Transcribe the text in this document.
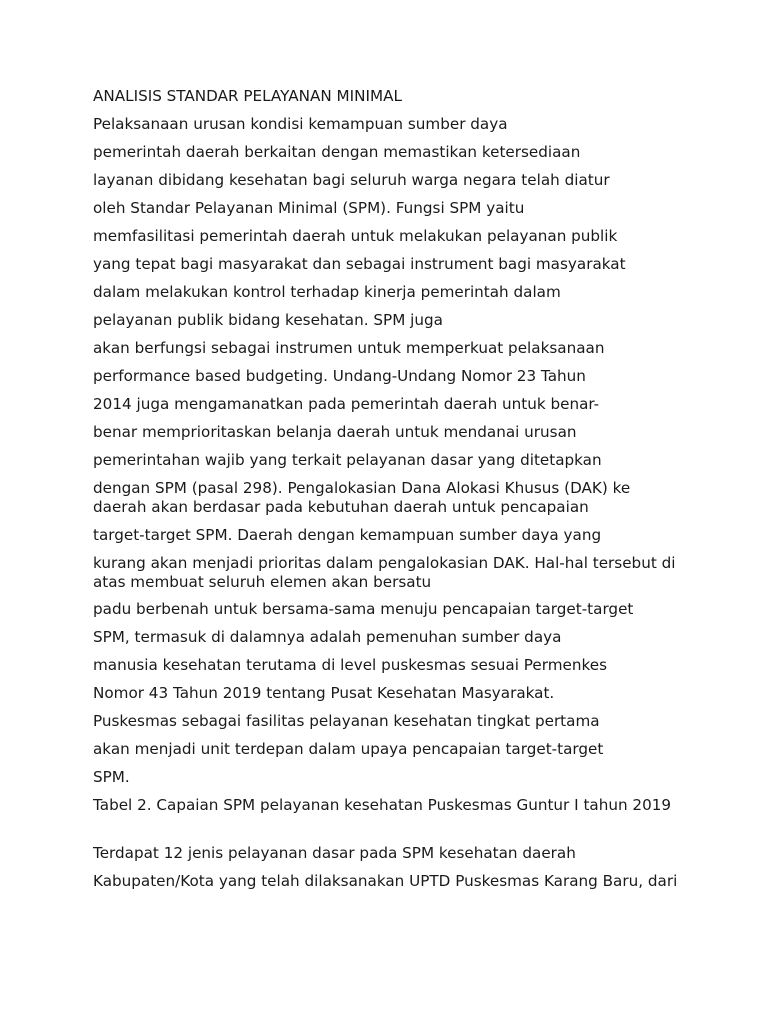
ANALISIS STANDAR PELAYANAN MINIMAL
Pelaksanaan urusan kondisi kemampuan sumber daya
pemerintah daerah berkaitan dengan memastikan ketersediaan
layanan dibidang kesehatan bagi seluruh warga negara telah diatur
oleh Standar Pelayanan Minimal (SPM). Fungsi SPM yaitu
memfasilitasi pemerintah daerah untuk melakukan pelayanan publik
yang tepat bagi masyarakat dan sebagai instrument bagi masyarakat
dalam melakukan kontrol terhadap kinerja pemerintah dalam
pelayanan publik bidang kesehatan. SPM juga
akan berfungsi sebagai instrumen untuk memperkuat pelaksanaan
performance based budgeting. Undang-Undang Nomor 23 Tahun
2014 juga mengamanatkan pada pemerintah daerah untuk benar-
benar memprioritaskan belanja daerah untuk mendanai urusan
pemerintahan wajib yang terkait pelayanan dasar yang ditetapkan
dengan SPM (pasal 298). Pengalokasian Dana Alokasi Khusus (DAK) ke daerah akan berdasar pada kebutuhan daerah untuk pencapaian
target-target SPM. Daerah dengan kemampuan sumber daya yang
kurang akan menjadi prioritas dalam pengalokasian DAK. Hal-hal tersebut di atas membuat seluruh elemen akan bersatu
padu berbenah untuk bersama-sama menuju pencapaian target-target
SPM, termasuk di dalamnya adalah pemenuhan sumber daya
manusia kesehatan terutama di level puskesmas sesuai Permenkes
Nomor 43 Tahun 2019 tentang Pusat Kesehatan Masyarakat.
Puskesmas sebagai fasilitas pelayanan kesehatan tingkat pertama
akan menjadi unit terdepan dalam upaya pencapaian target-target
SPM.
Tabel 2. Capaian SPM pelayanan kesehatan Puskesmas Guntur I tahun 2019
Terdapat 12 jenis pelayanan dasar pada SPM kesehatan daerah
Kabupaten/Kota yang telah dilaksanakan UPTD Puskesmas Karang Baru, dari
